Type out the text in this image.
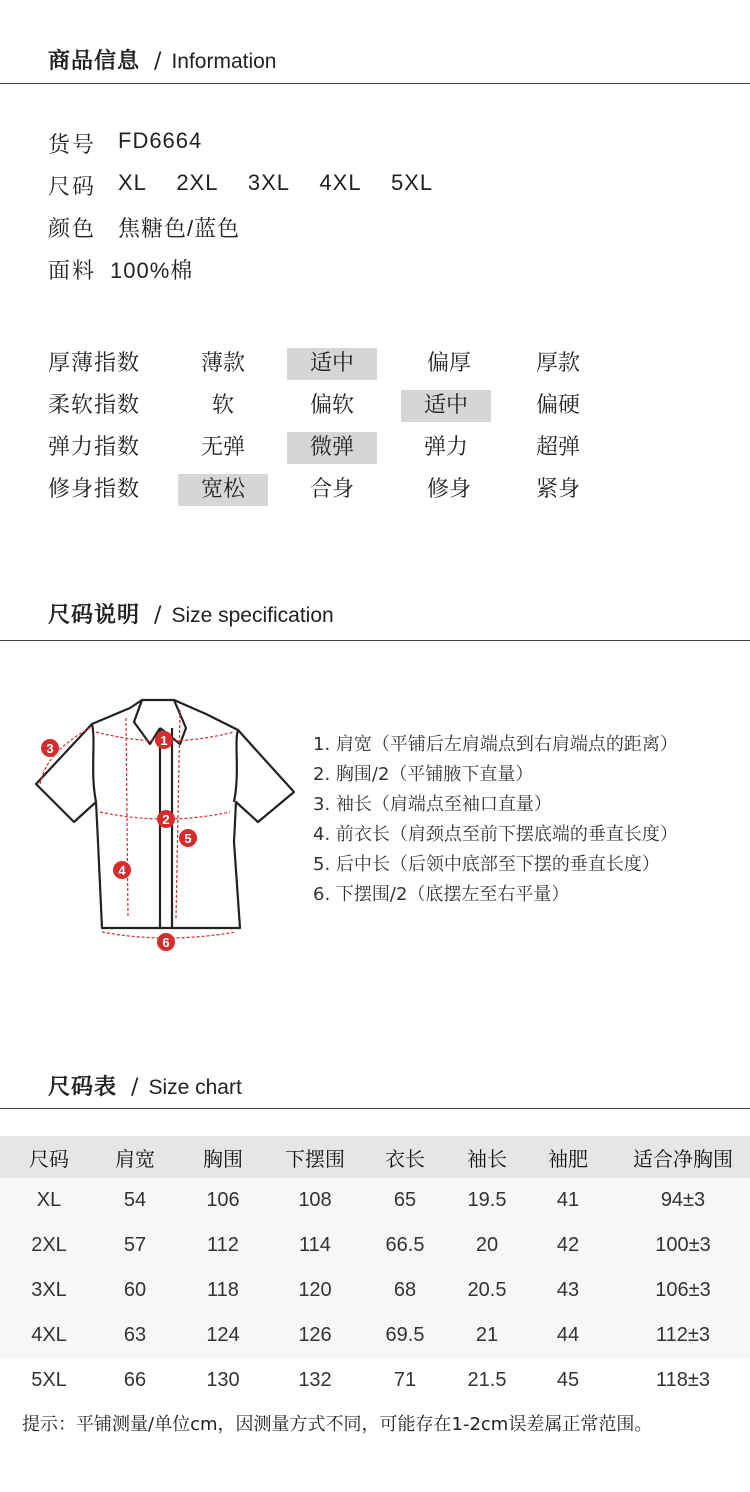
商品信息 / Information
货号 FD6664
尺码 XL  2XL  3XL  4XL  5XL
颜色 焦糖色/蓝色
面料 100%棉
厚薄指数	薄款	适中	偏厚	厚款
柔软指数	软	偏软	适中	偏硬
弹力指数	无弹	微弹	弹力	超弹
修身指数	宽松	合身	修身	紧身
尺码说明 / Size specification
1
2
3
4
5
6
1. 肩宽（平铺后左肩端点到右肩端点的距离）
2. 胸围/2（平铺腋下直量）
3. 袖长（肩端点至袖口直量）
4. 前衣长（肩颈点至前下摆底端的垂直长度）
5. 后中长（后领中底部至下摆的垂直长度）
6. 下摆围/2（底摆左至右平量）
尺码表 / Size chart
尺码	肩宽	胸围	下摆围	衣长	袖长	袖肥	适合净胸围
XL	54	106	108	65	19.5	41	94±3
2XL	57	112	114	66.5	20	42	100±3
3XL	60	118	120	68	20.5	43	106±3
4XL	63	124	126	69.5	21	44	112±3
5XL	66	130	132	71	21.5	45	118±3
提示：平铺测量/单位cm，因测量方式不同，可能存在1-2cm误差属正常范围。
